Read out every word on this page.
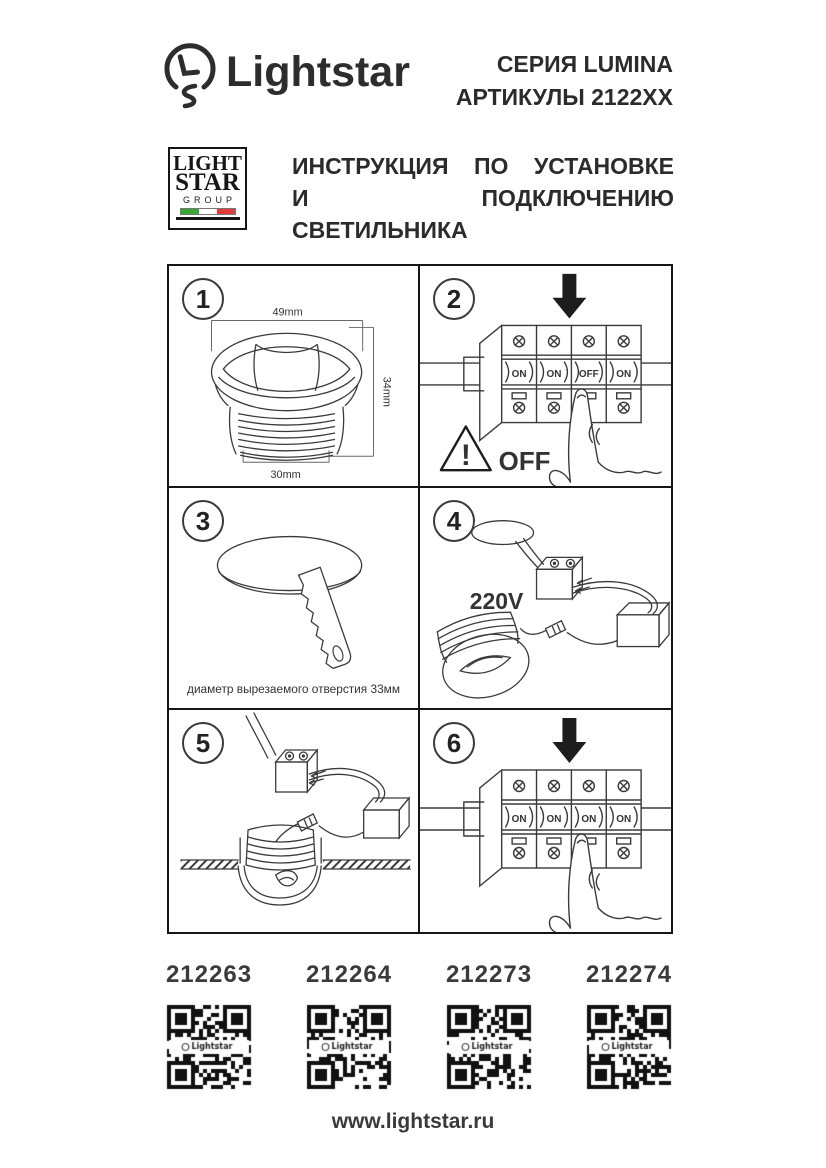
Lightstar	СЕРИЯ LUMINA
АРТИКУЛЫ 2122XX
LIGHT
STAR
GROUP
ИНСТРУКЦИЯ ПО УСТАНОВКЕ
И ПОДКЛЮЧЕНИЮ СВЕТИЛЬНИКА
1	49mm
34mm
30mm
2
ON ON OFF ON
! OFF
3
диаметр вырезаемого отверстия 33мм
4
220V
5	6
ON ON ON ON
212263 212264 212273 212274
www.lightstar.ru
